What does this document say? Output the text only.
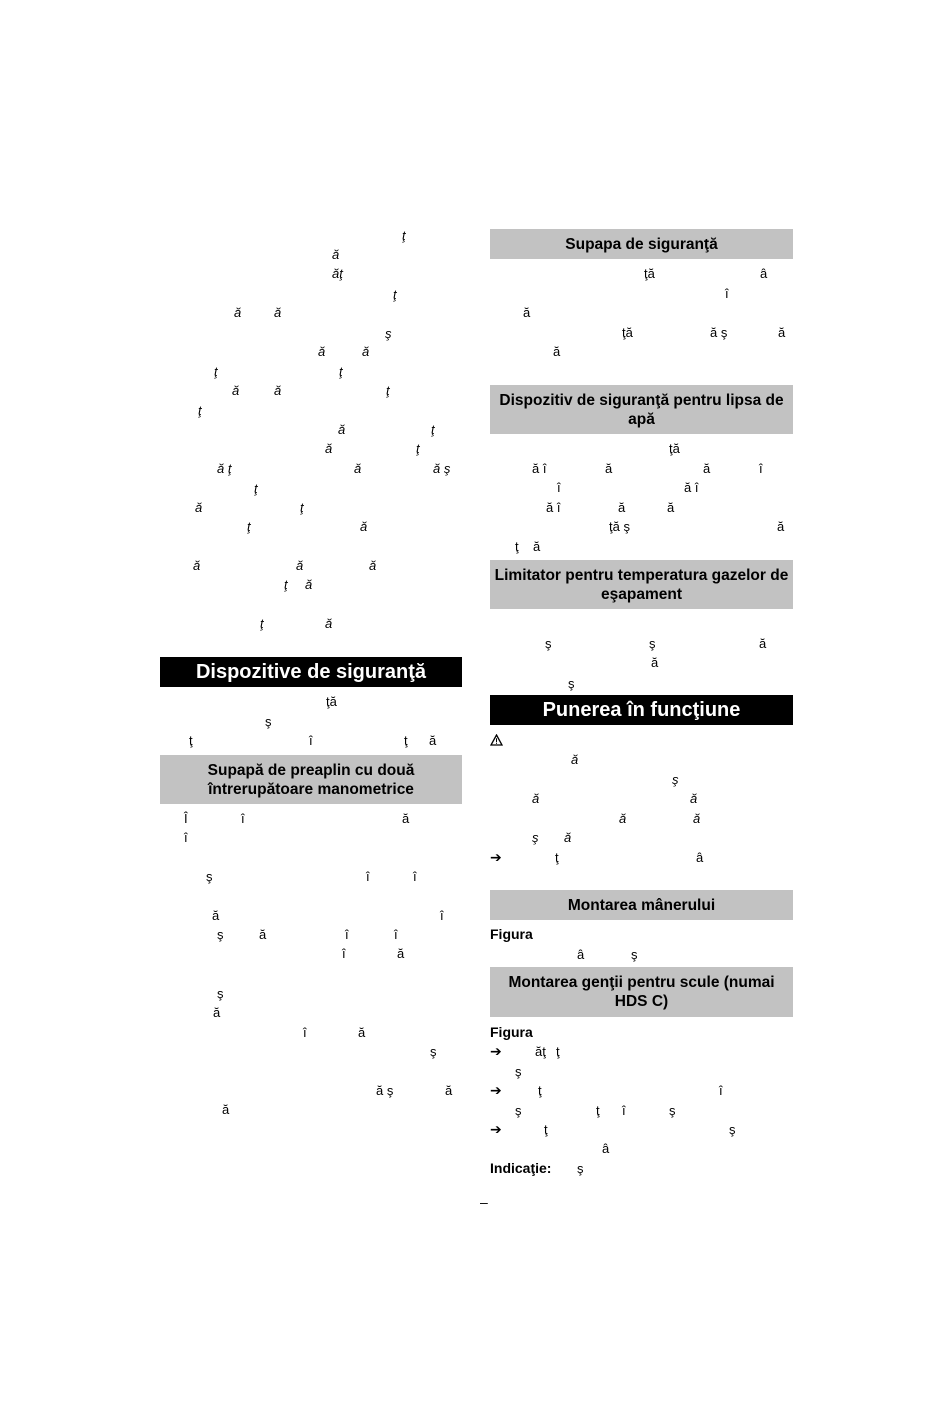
ţ
ă
ăţ
ţ
ă	ă
ş
ă	ă
ţ	ţ
ă	ă	ţ
ţ
ă	ţ
ă	ţ
ă ţ	ă	ă ş
ţ
ă	ţ
ţ	ă
ă	ă	ă
ţ ă
ţ	ă
Dispozitive de siguranţă
ţă
ş
ţ	î	ţ ă
Supapă de preaplin cu două întrerupătoare manometrice
Î	î	ă
î
ş	î	î
ă	î
ş	ă	î	î
î	ă
ş
ă
î	ă
ş
ă ş	ă
ă
Supapa de siguranţă
ţă	â
î
ă
ţă	ă ş	ă
ă
Dispozitiv de siguranţă pentru lipsa de apă
ţă
ă î	ă	ă	î
î	ă î
ă î	ă	ă
ţă ş	ă
ţ ă
Limitator pentru temperatura gazelor de eşapament
ş	ş	ă
ă
ş
Punerea în funcţiune
ă
ş
ă	ă
ă	ă
ş ă
➔	ţ	â
Montarea mânerului
Figura
â	ş
Montarea genţii pentru scule (numai HDS C)
Figura
➔	ăţ ţ
ş
➔	ţ	î
ş	ţ î	ş
➔	ţ	ş
â
Indicaţie: ş
–
